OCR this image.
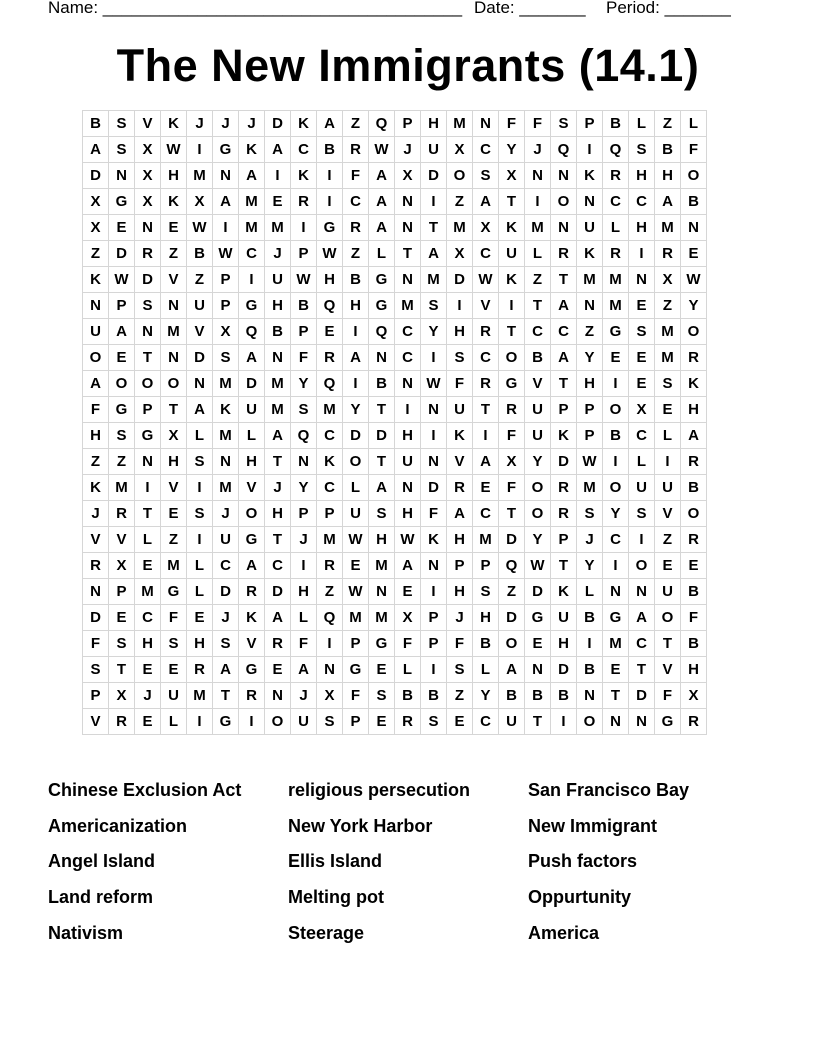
Name: ______________________________________ Date: _______ Period: _______
The New Immigrants (14.1)
B	S	V	K	J	J	J	D	K	A	Z	Q	P	H	M	N	F	F	S	P	B	L	Z	L
A	S	X	W	I	G	K	A	C	B	R	W	J	U	X	C	Y	J	Q	I	Q	S	B	F
D	N	X	H	M	N	A	I	K	I	F	A	X	D	O	S	X	N	N	K	R	H	H	O
X	G	X	K	X	A	M	E	R	I	C	A	N	I	Z	A	T	I	O	N	C	C	A	B
X	E	N	E	W	I	M	M	I	G	R	A	N	T	M	X	K	M	N	U	L	H	M	N
Z	D	R	Z	B	W	C	J	P	W	Z	L	T	A	X	C	U	L	R	K	R	I	R	E
K	W	D	V	Z	P	I	U	W	H	B	G	N	M	D	W	K	Z	T	M	M	N	X	W
N	P	S	N	U	P	G	H	B	Q	H	G	M	S	I	V	I	T	A	N	M	E	Z	Y
U	A	N	M	V	X	Q	B	P	E	I	Q	C	Y	H	R	T	C	C	Z	G	S	M	O
O	E	T	N	D	S	A	N	F	R	A	N	C	I	S	C	O	B	A	Y	E	E	M	R
A	O	O	O	N	M	D	M	Y	Q	I	B	N	W	F	R	G	V	T	H	I	E	S	K
F	G	P	T	A	K	U	M	S	M	Y	T	I	N	U	T	R	U	P	P	O	X	E	H
H	S	G	X	L	M	L	A	Q	C	D	D	H	I	K	I	F	U	K	P	B	C	L	A
Z	Z	N	H	S	N	H	T	N	K	O	T	U	N	V	A	X	Y	D	W	I	L	I	R
K	M	I	V	I	M	V	J	Y	C	L	A	N	D	R	E	F	O	R	M	O	U	U	B
J	R	T	E	S	J	O	H	P	P	U	S	H	F	A	C	T	O	R	S	Y	S	V	O
V	V	L	Z	I	U	G	T	J	M	W	H	W	K	H	M	D	Y	P	J	C	I	Z	R
R	X	E	M	L	C	A	C	I	R	E	M	A	N	P	P	Q	W	T	Y	I	O	E	E
N	P	M	G	L	D	R	D	H	Z	W	N	E	I	H	S	Z	D	K	L	N	N	U	B
D	E	C	F	E	J	K	A	L	Q	M	M	X	P	J	H	D	G	U	B	G	A	O	F
F	S	H	S	H	S	V	R	F	I	P	G	F	P	F	B	O	E	H	I	M	C	T	B
S	T	E	E	R	A	G	E	A	N	G	E	L	I	S	L	A	N	D	B	E	T	V	H
P	X	J	U	M	T	R	N	J	X	F	S	B	B	Z	Y	B	B	B	N	T	D	F	X
V	R	E	L	I	G	I	O	U	S	P	E	R	S	E	C	U	T	I	O	N	N	G	R
Chinese Exclusion Act
Americanization
Angel Island
Land reform
Nativism
religious persecution
New York Harbor
Ellis Island
Melting pot
Steerage
San Francisco Bay
New Immigrant
Push factors
Oppurtunity
America
